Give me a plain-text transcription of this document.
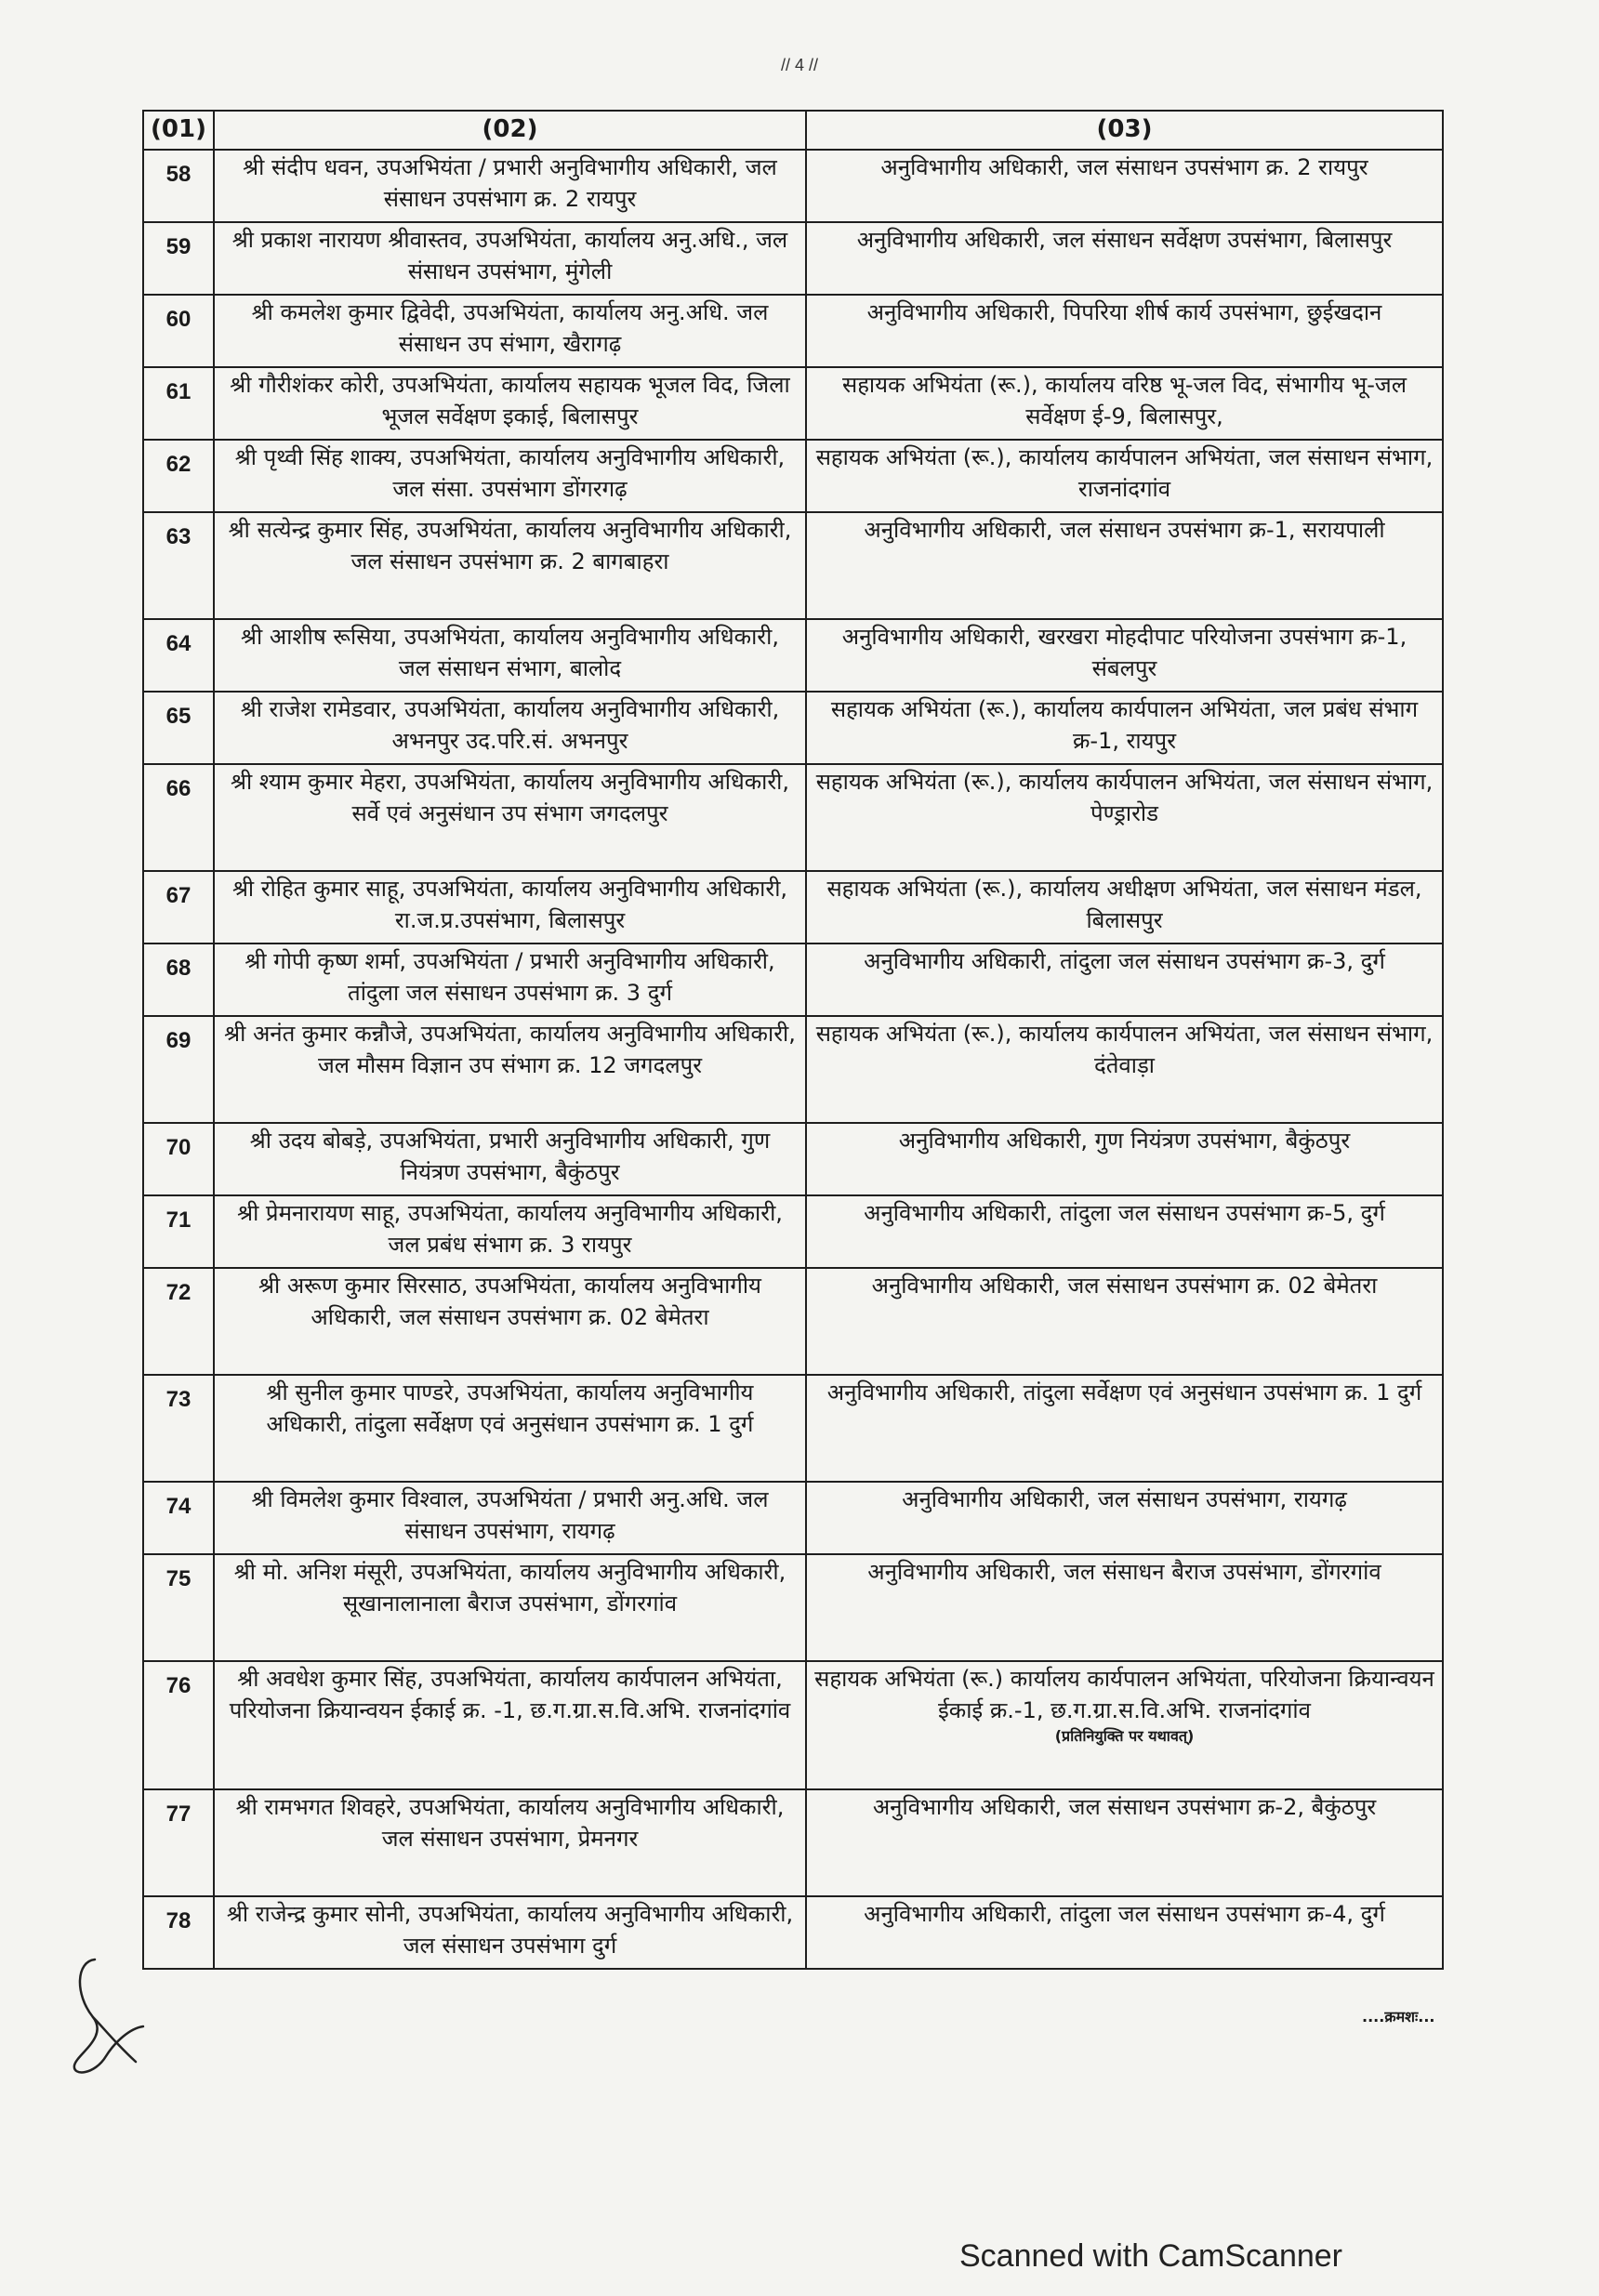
// 4 //
(01)	(02)	(03)
58	श्री संदीप धवन, उपअभियंता / प्रभारी अनुविभागीय अधिकारी, जल संसाधन उपसंभाग क्र. 2 रायपुर	अनुविभागीय अधिकारी, जल संसाधन उपसंभाग क्र. 2 रायपुर
59	श्री प्रकाश नारायण श्रीवास्तव, उपअभियंता, कार्यालय अनु.अधि., जल संसाधन उपसंभाग, मुंगेली	अनुविभागीय अधिकारी, जल संसाधन सर्वेक्षण उपसंभाग, बिलासपुर
60	श्री कमलेश कुमार द्विवेदी, उपअभियंता, कार्यालय अनु.अधि. जल संसाधन उप संभाग, खैरागढ़	अनुविभागीय अधिकारी, पिपरिया शीर्ष कार्य उपसंभाग, छुईखदान
61	श्री गौरीशंकर कोरी, उपअभियंता, कार्यालय सहायक भूजल विद, जिला भूजल सर्वेक्षण इकाई, बिलासपुर	सहायक अभियंता (रू.), कार्यालय वरिष्ठ भू-जल विद, संभागीय भू-जल सर्वेक्षण ई-9, बिलासपुर,
62	श्री पृथ्वी सिंह शाक्य, उपअभियंता, कार्यालय अनुविभागीय अधिकारी, जल संसा. उपसंभाग डोंगरगढ़	सहायक अभियंता (रू.), कार्यालय कार्यपालन अभियंता, जल संसाधन संभाग, राजनांदगांव
63	श्री सत्येन्द्र कुमार सिंह, उपअभियंता, कार्यालय अनुविभागीय अधिकारी, जल संसाधन उपसंभाग क्र. 2 बागबाहरा	अनुविभागीय अधिकारी, जल संसाधन उपसंभाग क्र-1, सरायपाली
64	श्री आशीष रूसिया, उपअभियंता, कार्यालय अनुविभागीय अधिकारी, जल संसाधन संभाग, बालोद	अनुविभागीय अधिकारी, खरखरा मोहदीपाट परियोजना उपसंभाग क्र-1, संबलपुर
65	श्री राजेश रामेडवार, उपअभियंता, कार्यालय अनुविभागीय अधिकारी, अभनपुर उद.परि.सं. अभनपुर	सहायक अभियंता (रू.), कार्यालय कार्यपालन अभियंता, जल प्रबंध संभाग क्र-1, रायपुर
66	श्री श्याम कुमार मेहरा, उपअभियंता, कार्यालय अनुविभागीय अधिकारी, सर्वे एवं अनुसंधान उप संभाग जगदलपुर	सहायक अभियंता (रू.), कार्यालय कार्यपालन अभियंता, जल संसाधन संभाग, पेण्ड्रारोड
67	श्री रोहित कुमार साहू, उपअभियंता, कार्यालय अनुविभागीय अधिकारी, रा.ज.प्र.उपसंभाग, बिलासपुर	सहायक अभियंता (रू.), कार्यालय अधीक्षण अभियंता, जल संसाधन मंडल, बिलासपुर
68	श्री गोपी कृष्ण शर्मा, उपअभियंता / प्रभारी अनुविभागीय अधिकारी, तांदुला जल संसाधन उपसंभाग क्र. 3 दुर्ग	अनुविभागीय अधिकारी, तांदुला जल संसाधन उपसंभाग क्र-3, दुर्ग
69	श्री अनंत कुमार कन्नौजे, उपअभियंता, कार्यालय अनुविभागीय अधिकारी, जल मौसम विज्ञान उप संभाग क्र. 12 जगदलपुर	सहायक अभियंता (रू.), कार्यालय कार्यपालन अभियंता, जल संसाधन संभाग, दंतेवाड़ा
70	श्री उदय बोबड़े, उपअभियंता, प्रभारी अनुविभागीय अधिकारी, गुण नियंत्रण उपसंभाग, बैकुंठपुर	अनुविभागीय अधिकारी, गुण नियंत्रण उपसंभाग, बैकुंठपुर
71	श्री प्रेमनारायण साहू, उपअभियंता, कार्यालय अनुविभागीय अधिकारी, जल प्रबंध संभाग क्र. 3 रायपुर	अनुविभागीय अधिकारी, तांदुला जल संसाधन उपसंभाग क्र-5, दुर्ग
72	श्री अरूण कुमार सिरसाठ, उपअभियंता, कार्यालय अनुविभागीय अधिकारी, जल संसाधन उपसंभाग क्र. 02 बेमेतरा	अनुविभागीय अधिकारी, जल संसाधन उपसंभाग क्र. 02 बेमेतरा
73	श्री सुनील कुमार पाण्डरे, उपअभियंता, कार्यालय अनुविभागीय अधिकारी, तांदुला सर्वेक्षण एवं अनुसंधान उपसंभाग क्र. 1 दुर्ग	अनुविभागीय अधिकारी, तांदुला सर्वेक्षण एवं अनुसंधान उपसंभाग क्र. 1 दुर्ग
74	श्री विमलेश कुमार विश्वाल, उपअभियंता / प्रभारी अनु.अधि. जल संसाधन उपसंभाग, रायगढ़	अनुविभागीय अधिकारी, जल संसाधन उपसंभाग, रायगढ़
75	श्री मो. अनिश मंसूरी, उपअभियंता, कार्यालय अनुविभागीय अधिकारी, सूखानालानाला बैराज उपसंभाग, डोंगरगांव	अनुविभागीय अधिकारी, जल संसाधन बैराज उपसंभाग, डोंगरगांव
76	श्री अवधेश कुमार सिंह, उपअभियंता, कार्यालय कार्यपालन अभियंता, परियोजना क्रियान्वयन ईकाई क्र. -1, छ.ग.ग्रा.स.वि.अभि. राजनांदगांव	सहायक अभियंता (रू.) कार्यालय कार्यपालन अभियंता, परियोजना क्रियान्वयन ईकाई क्र.-1, छ.ग.ग्रा.स.वि.अभि. राजनांदगांव
(प्रतिनियुक्ति पर यथावत्)

77	श्री रामभगत शिवहरे, उपअभियंता, कार्यालय अनुविभागीय अधिकारी, जल संसाधन उपसंभाग, प्रेमनगर	अनुविभागीय अधिकारी, जल संसाधन उपसंभाग क्र-2, बैकुंठपुर
78	श्री राजेन्द्र कुमार सोनी, उपअभियंता, कार्यालय अनुविभागीय अधिकारी, जल संसाधन उपसंभाग दुर्ग	अनुविभागीय अधिकारी, तांदुला जल संसाधन उपसंभाग क्र-4, दुर्ग
....क्रमशः...
Scanned with CamScanner
